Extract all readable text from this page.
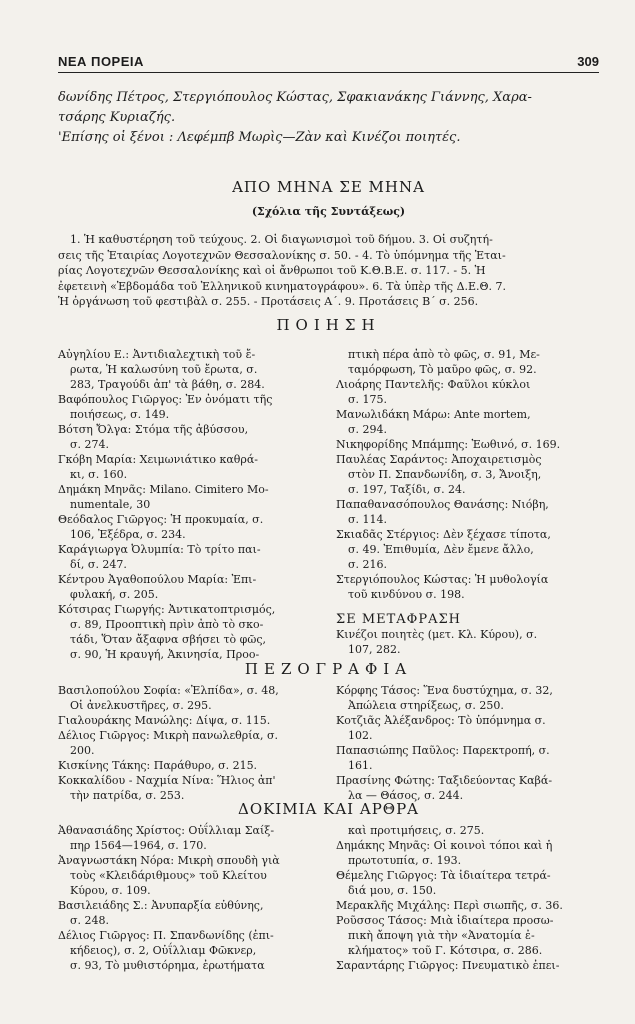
ΝΕΑ ΠΟΡΕΙΑ	309

δωνίδης Πέτρος, Στεργιόπουλος Κώστας, Σφακιανάκης Γιάννης, Χαρα-

τσάρης Κυριαζής.

'Επίσης οἱ ξένοι : Λεφέμπβ Μωρὶς—Ζὰν καὶ Κινέζοι ποιητές.

ΑΠΟ ΜΗΝΑ ΣΕ ΜΗΝΑ
(Σχόλια τῆς Συντάξεως)

1. Ἡ καθυστέρηση τοῦ τεύχους. 2. Οἱ διαγωνισμοὶ τοῦ δήμου. 3. Οἱ συζητή-

σεις τῆς Ἑταιρίας Λογοτεχνῶν Θεσσαλονίκης σ. 50. - 4. Τὸ ὑπόμνημα τῆς Ἑται-

ρίας Λογοτεχνῶν Θεσσαλονίκης καὶ οἱ ἄνθρωποι τοῦ Κ.Θ.Β.Ε. σ. 117. - 5. Ἡ

ἐφετεινὴ «Ἑβδομάδα τοῦ Ἑλληνικοῦ κινηματογράφου». 6. Τὰ ὑπὲρ τῆς Δ.Ε.Θ. 7.

Ἡ ὀργάνωση τοῦ φεστιβὰλ σ. 255. - Προτάσεις Α΄. 9. Προτάσεις Β΄ σ. 256.

ΠΟΙΗΣΗ
Αὐγηλίου Ε.: Ἀντιδιαλεχτικὴ τοῦ ἔ-
ρωτα, Ἡ καλωσύνη τοῦ ἔρωτα, σ.
283, Τραγούδι ἀπ' τὰ βάθη, σ. 284.
Βαφόπουλος Γιῶργος: Ἐν ὀνόματι τῆς
ποιήσεως, σ. 149.
Βότση Ὄλγα: Στόμα τῆς ἀβύσσου,
σ. 274.
Γκόβη Μαρία: Χειμωνιάτικο καθρά-
κι, σ. 160.
Δημάκη Μηνᾶς: Milano. Cimitero Mo-
numentale, 30
Θεόδαλος Γιῶργος: Ἡ προκυμαία, σ.
106, Ἐξέδρα, σ. 234.
Καράγιωργα Ὀλυμπία: Τὸ τρίτο παι-
δί, σ. 247.
Κέντρου Ἀγαθοπούλου Μαρία: Ἐπι-
φυλακή, σ. 205.
Κότσιρας Γιωργής: Ἀντικατοπτρισμός,
σ. 89, Προοπτικὴ πρὶν ἀπὸ τὸ σκο-
τάδι, Ὅταν ἄξαφνα σβήσει τὸ φῶς,
σ. 90, Ἡ κραυγή, Ἀκινησία, Προο-
πτικὴ πέρα ἀπὸ τὸ φῶς, σ. 91, Με-
ταμόρφωση, Τὸ μαῦρο φῶς, σ. 92.
Λιοάρης Παντελῆς: Φαῦλοι κύκλοι
σ. 175.
Μανωλιδάκη Μάρω: Ante mortem,
σ. 294.
Νικηφορίδης Μπάμπης: Ἑωθινό, σ. 169.
Παυλέας Σαράντος: Ἀποχαιρετισμὸς
στὸν Π. Σπανδωνίδη, σ. 3, Ἄνοιξη,
σ. 197, Ταξίδι, σ. 24.
Παπαθανασόπουλος Θανάσης: Νιόβη,
σ. 114.
Σκιαδᾶς Στέργιος: Δὲν ξέχασε τίποτα,
σ. 49. Ἐπιθυμία, Δὲν ἔμενε ἄλλο,
σ. 216.
Στεργιόπουλος Κώστας: Ἡ μυθολογία
τοῦ κινδύνου σ. 198.
ΣΕ ΜΕΤΑΦΡΑΣΗ
Κινέζοι ποιητὲς (μετ. Κλ. Κύρου), σ.
107, 282.
ΠΕΖΟΓΡΑΦΙΑ
Βασιλοπούλου Σοφία: «Ἐλπίδα», σ. 48,
Οἱ ἀνελκυστῆρες, σ. 295.
Γιαλουράκης Μανώλης: Δίψα, σ. 115.
Δέλιος Γιῶργος: Μικρὴ πανωλεθρία, σ.
200.
Κισκίνης Τάκης: Παράθυρο, σ. 215.
Κοκκαλίδου - Ναχμία Νίνα: Ἥλιος ἀπ'
τὴν πατρίδα, σ. 253.
Κόρφης Τάσος: Ἕνα δυστύχημα, σ. 32,
Ἀπώλεια στηρίξεως, σ. 250.
Κοτζιᾶς Ἀλέξανδρος: Τὸ ὑπόμνημα σ.
102.
Παπασιώπης Παῦλος: Παρεκτροπή, σ.
161.
Πρασίνης Φώτης: Ταξιδεύοντας Καβά-
λα — Θάσος, σ. 244.
ΔΟΚΙΜΙΑ ΚΑΙ ΑΡΘΡΑ
Ἀθανασιάδης Χρίστος: Οὐΐλλιαμ Σαίξ-
πηρ 1564—1964, σ. 170.
Ἀναγνωστάκη Νόρα: Μικρὴ σπουδὴ γιὰ
τοὺς «Κλειδάριθμους» τοῦ Κλείτου
Κύρου, σ. 109.
Βασιλειάδης Σ.: Ἀνυπαρξία εὐθύνης,
σ. 248.
Δέλιος Γιῶργος: Π. Σπανδωνίδης (ἐπι-
κήδειος), σ. 2, Οὐΐλλιαμ Φῶκνερ,
σ. 93, Τὸ μυθιστόρημα, ἐρωτήματα
καὶ προτιμήσεις, σ. 275.
Δημάκης Μηνᾶς: Οἱ κοινοὶ τόποι καὶ ἡ
πρωτοτυπία, σ. 193.
Θέμελης Γιῶργος: Τὰ ἰδιαίτερα τετρά-
διά μου, σ. 150.
Μερακλῆς Μιχάλης: Περὶ σιωπῆς, σ. 36.
Ροῦσσος Τάσος: Μιὰ ἰδιαίτερα προσω-
πικὴ ἄποψη γιὰ τὴν «Ἀνατομία ἐ-
κλήματος» τοῦ Γ. Κότσιρα, σ. 286.
Σαραντάρης Γιῶργος: Πνευματικὸ ἐπει-
